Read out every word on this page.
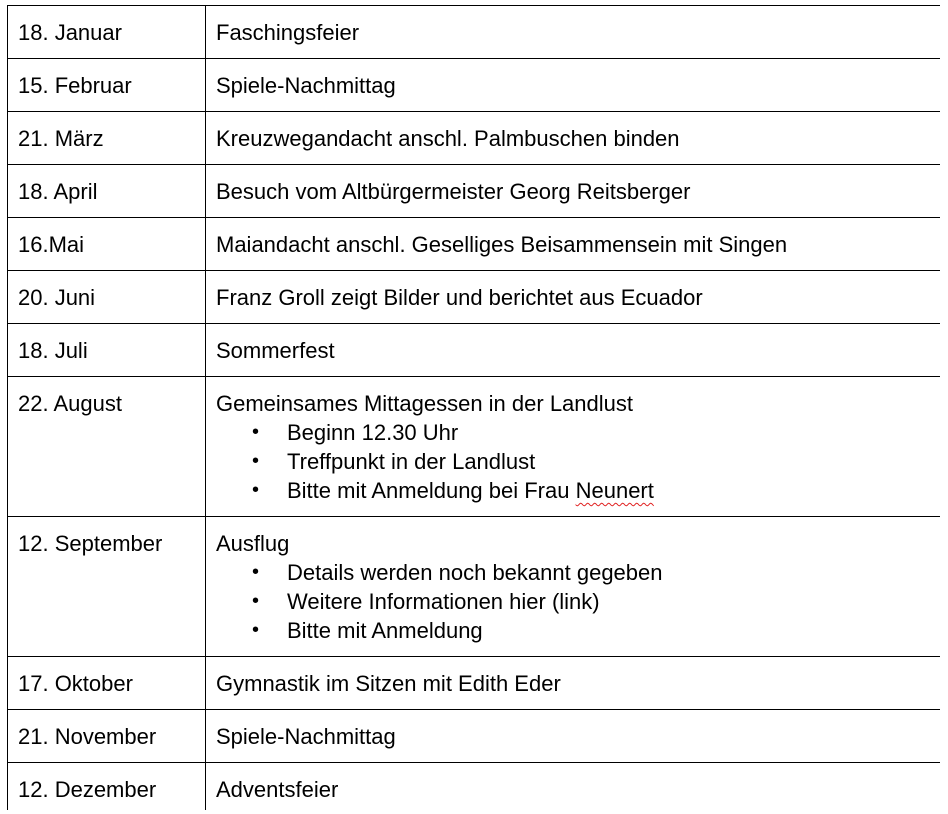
18. Januar	Faschingsfeier

15. Februar	Spiele-Nachmittag

21. März	Kreuzwegandacht anschl. Palmbuschen binden

18. April	Besuch vom Altbürgermeister Georg Reitsberger

16.Mai	Maiandacht anschl. Geselliges Beisammensein mit Singen

20. Juni	Franz Groll zeigt Bilder und berichtet aus Ecuador

18. Juli	Sommerfest

22. August	Gemeinsames Mittagessen in der Landlust
• Beginn 12.30 Uhr
• Treffpunkt in der Landlust
• Bitte mit Anmeldung bei Frau Neunert

12. September	Ausflug
• Details werden noch bekannt gegeben
• Weitere Informationen hier (link)
• Bitte mit Anmeldung

17. Oktober	Gymnastik im Sitzen mit Edith Eder

21. November	Spiele-Nachmittag

12. Dezember	Adventsfeier
